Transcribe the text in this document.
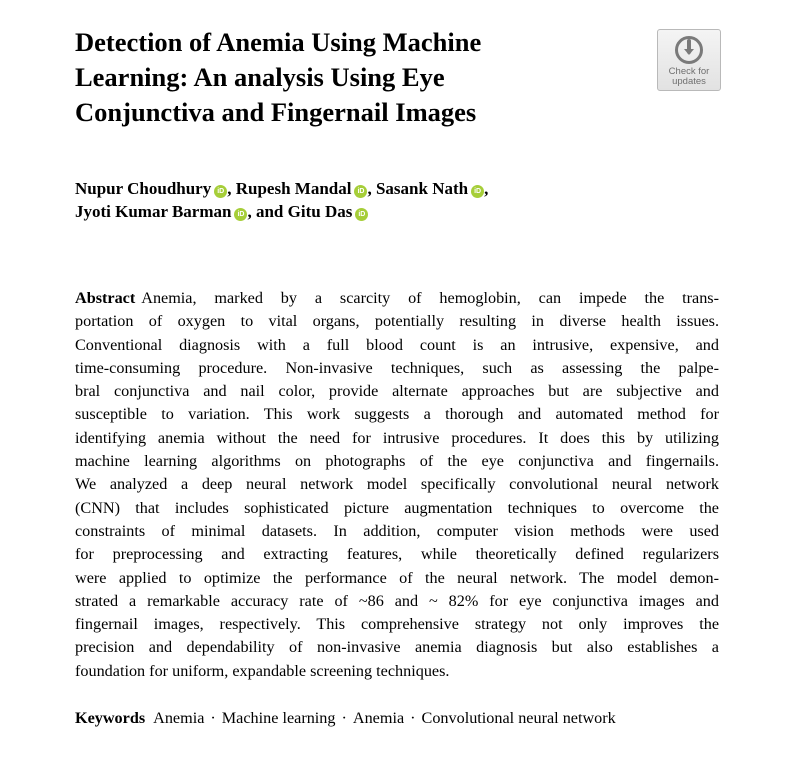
Detection of Anemia Using Machine
Learning: An analysis Using Eye
Conjunctiva and Fingernail Images
Check for
updates
Nupur Choudhury iD , Rupesh Mandal iD , Sasank Nath iD ,
Jyoti Kumar Barman iD , and Gitu Das iD
Abstract Anemia, marked by a scarcity of hemoglobin, can impede the trans-
portation of oxygen to vital organs, potentially resulting in diverse health issues.
Conventional diagnosis with a full blood count is an intrusive, expensive, and
time-consuming procedure. Non-invasive techniques, such as assessing the palpe-
bral conjunctiva and nail color, provide alternate approaches but are subjective and
susceptible to variation. This work suggests a thorough and automated method for
identifying anemia without the need for intrusive procedures. It does this by utilizing
machine learning algorithms on photographs of the eye conjunctiva and fingernails.
We analyzed a deep neural network model specifically convolutional neural network
(CNN) that includes sophisticated picture augmentation techniques to overcome the
constraints of minimal datasets. In addition, computer vision methods were used
for preprocessing and extracting features, while theoretically defined regularizers
were applied to optimize the performance of the neural network. The model demon-
strated a remarkable accuracy rate of ~86 and ~ 82% for eye conjunctiva images and
fingernail images, respectively. This comprehensive strategy not only improves the
precision and dependability of non-invasive anemia diagnosis but also establishes a
foundation for uniform, expandable screening techniques.
Keywords Anemia · Machine learning · Anemia · Convolutional neural network
